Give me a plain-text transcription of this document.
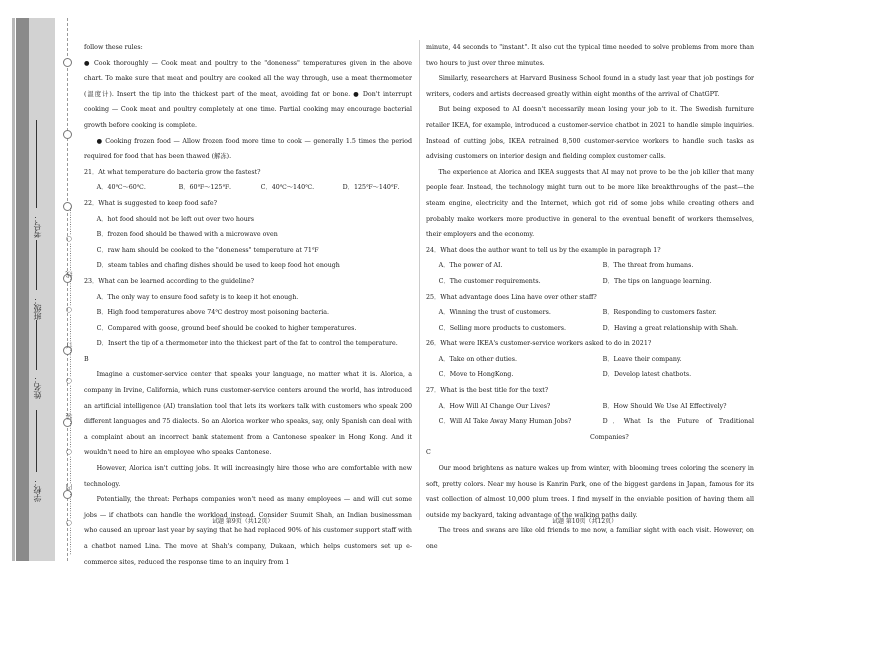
学校：
姓名：
班级：
考号：	…………○…………内…………○…………装…………○…………订…………○…………线…………○…………

follow these rules:

● Cook thoroughly — Cook meat and poultry to the "doneness" temperatures given in the above chart. To make sure that meat and poultry are cooked all the way through, use a meat thermometer (温度计). Insert the tip into the thickest part of the meat, avoiding fat or bone. ● Don't interrupt cooking — Cook meat and poultry completely at one time. Partial cooking may encourage bacterial growth before cooking is complete.

● Cooking frozen food — Allow frozen food more time to cook — generally 1.5 times the period required for food that has been thawed (解冻).

21．At what temperature do bacteria grow the fastest?

A．40℃～60℃.	B．60℉～125℉.	C．40℃～140℃.	D．125℉～140℉.

22．What is suggested to keep food safe?

A．hot food should not be left out over two hours

B．frozen food should be thawed with a microwave oven

C．raw ham should be cooked to the "doneness" temperature at 71℉

D．steam tables and chafing dishes should be used to keep food hot enough

23．What can be learned according to the guideline?

A．The only way to ensure food safety is to keep it hot enough.

B．High food temperatures above 74℃ destroy most poisoning bacteria.

C．Compared with goose, ground beef should be cooked to higher temperatures.

D．Insert the tip of a thermometer into the thickest part of the fat to control the temperature.

B

Imagine a customer-service center that speaks your language, no matter what it is. Alorica, a company in Irvine, California, which runs customer-service centers around the world, has introduced an artificial intelligence (AI) translation tool that lets its workers talk with customers who speak 200 different languages and 75 dialects. So an Alorica worker who speaks, say, only Spanish can deal with a complaint about an incorrect bank statement from a Cantonese speaker in Hong Kong. And it wouldn't need to hire an employee who speaks Cantonese.

However, Alorica isn't cutting jobs. It will increasingly hire those who are comfortable with new technology.

Potentially, the threat: Perhaps companies won't need as many employees — and will cut some jobs — if chatbots can handle the workload instead. Consider Suumit Shah, an Indian businessman who caused an uproar last year by saying that he had replaced 90% of his customer support staff with a chatbot named Lina. The move at Shah's company, Dukaan, which helps customers set up e-commerce sites, reduced the response time to an inquiry from 1

试题 第9页（共12页）

minute, 44 seconds to "instant". It also cut the typical time needed to solve problems from more than two hours to just over three minutes.

Similarly, researchers at Harvard Business School found in a study last year that job postings for writers, coders and artists decreased greatly within eight months of the arrival of ChatGPT.

But being exposed to AI doesn't necessarily mean losing your job to it. The Swedish furniture retailer IKEA, for example, introduced a customer-service chatbot in 2021 to handle simple inquiries. Instead of cutting jobs, IKEA retrained 8,500 customer-service workers to handle such tasks as advising customers on interior design and fielding complex customer calls.

The experience at Alorica and IKEA suggests that AI may not prove to be the job killer that many people fear. Instead, the technology might turn out to be more like breakthroughs of the past—the steam engine, electricity and the Internet, which got rid of some jobs while creating others and probably make workers more productive in general to the eventual benefit of workers themselves, their employers and the economy.

24．What does the author want to tell us by the example in paragraph 1?

A．The power of AI.	B．The threat from humans.

C．The customer requirements.	D．The tips on language learning.

25．What advantage does Lina have over other staff?

A．Winning the trust of customers.	B．Responding to customers faster.

C．Selling more products to customers.	D．Having a great relationship with Shah.

26．What were IKEA's customer-service workers asked to do in 2021?

A．Take on other duties.	B．Leave their company.

C．Move to HongKong.	D．Develop latest chatbots.

27．What is the best title for the text?

A．How Will AI Change Our Lives?	B．How Should We Use AI Effectively?

C．Will AI Take Away Many Human Jobs?	D．What Is the Future of Traditional Companies?

C

Our mood brightens as nature wakes up from winter, with blooming trees coloring the scenery in soft, pretty colors. Near my house is Kanrin Park, one of the biggest gardens in Japan, famous for its vast collection of almost 10,000 plum trees. I find myself in the enviable position of having them all outside my backyard, taking advantage of the walking paths daily.

The trees and swans are like old friends to me now, a familiar sight with each visit. However, on one

试题 第10页（共12页）
